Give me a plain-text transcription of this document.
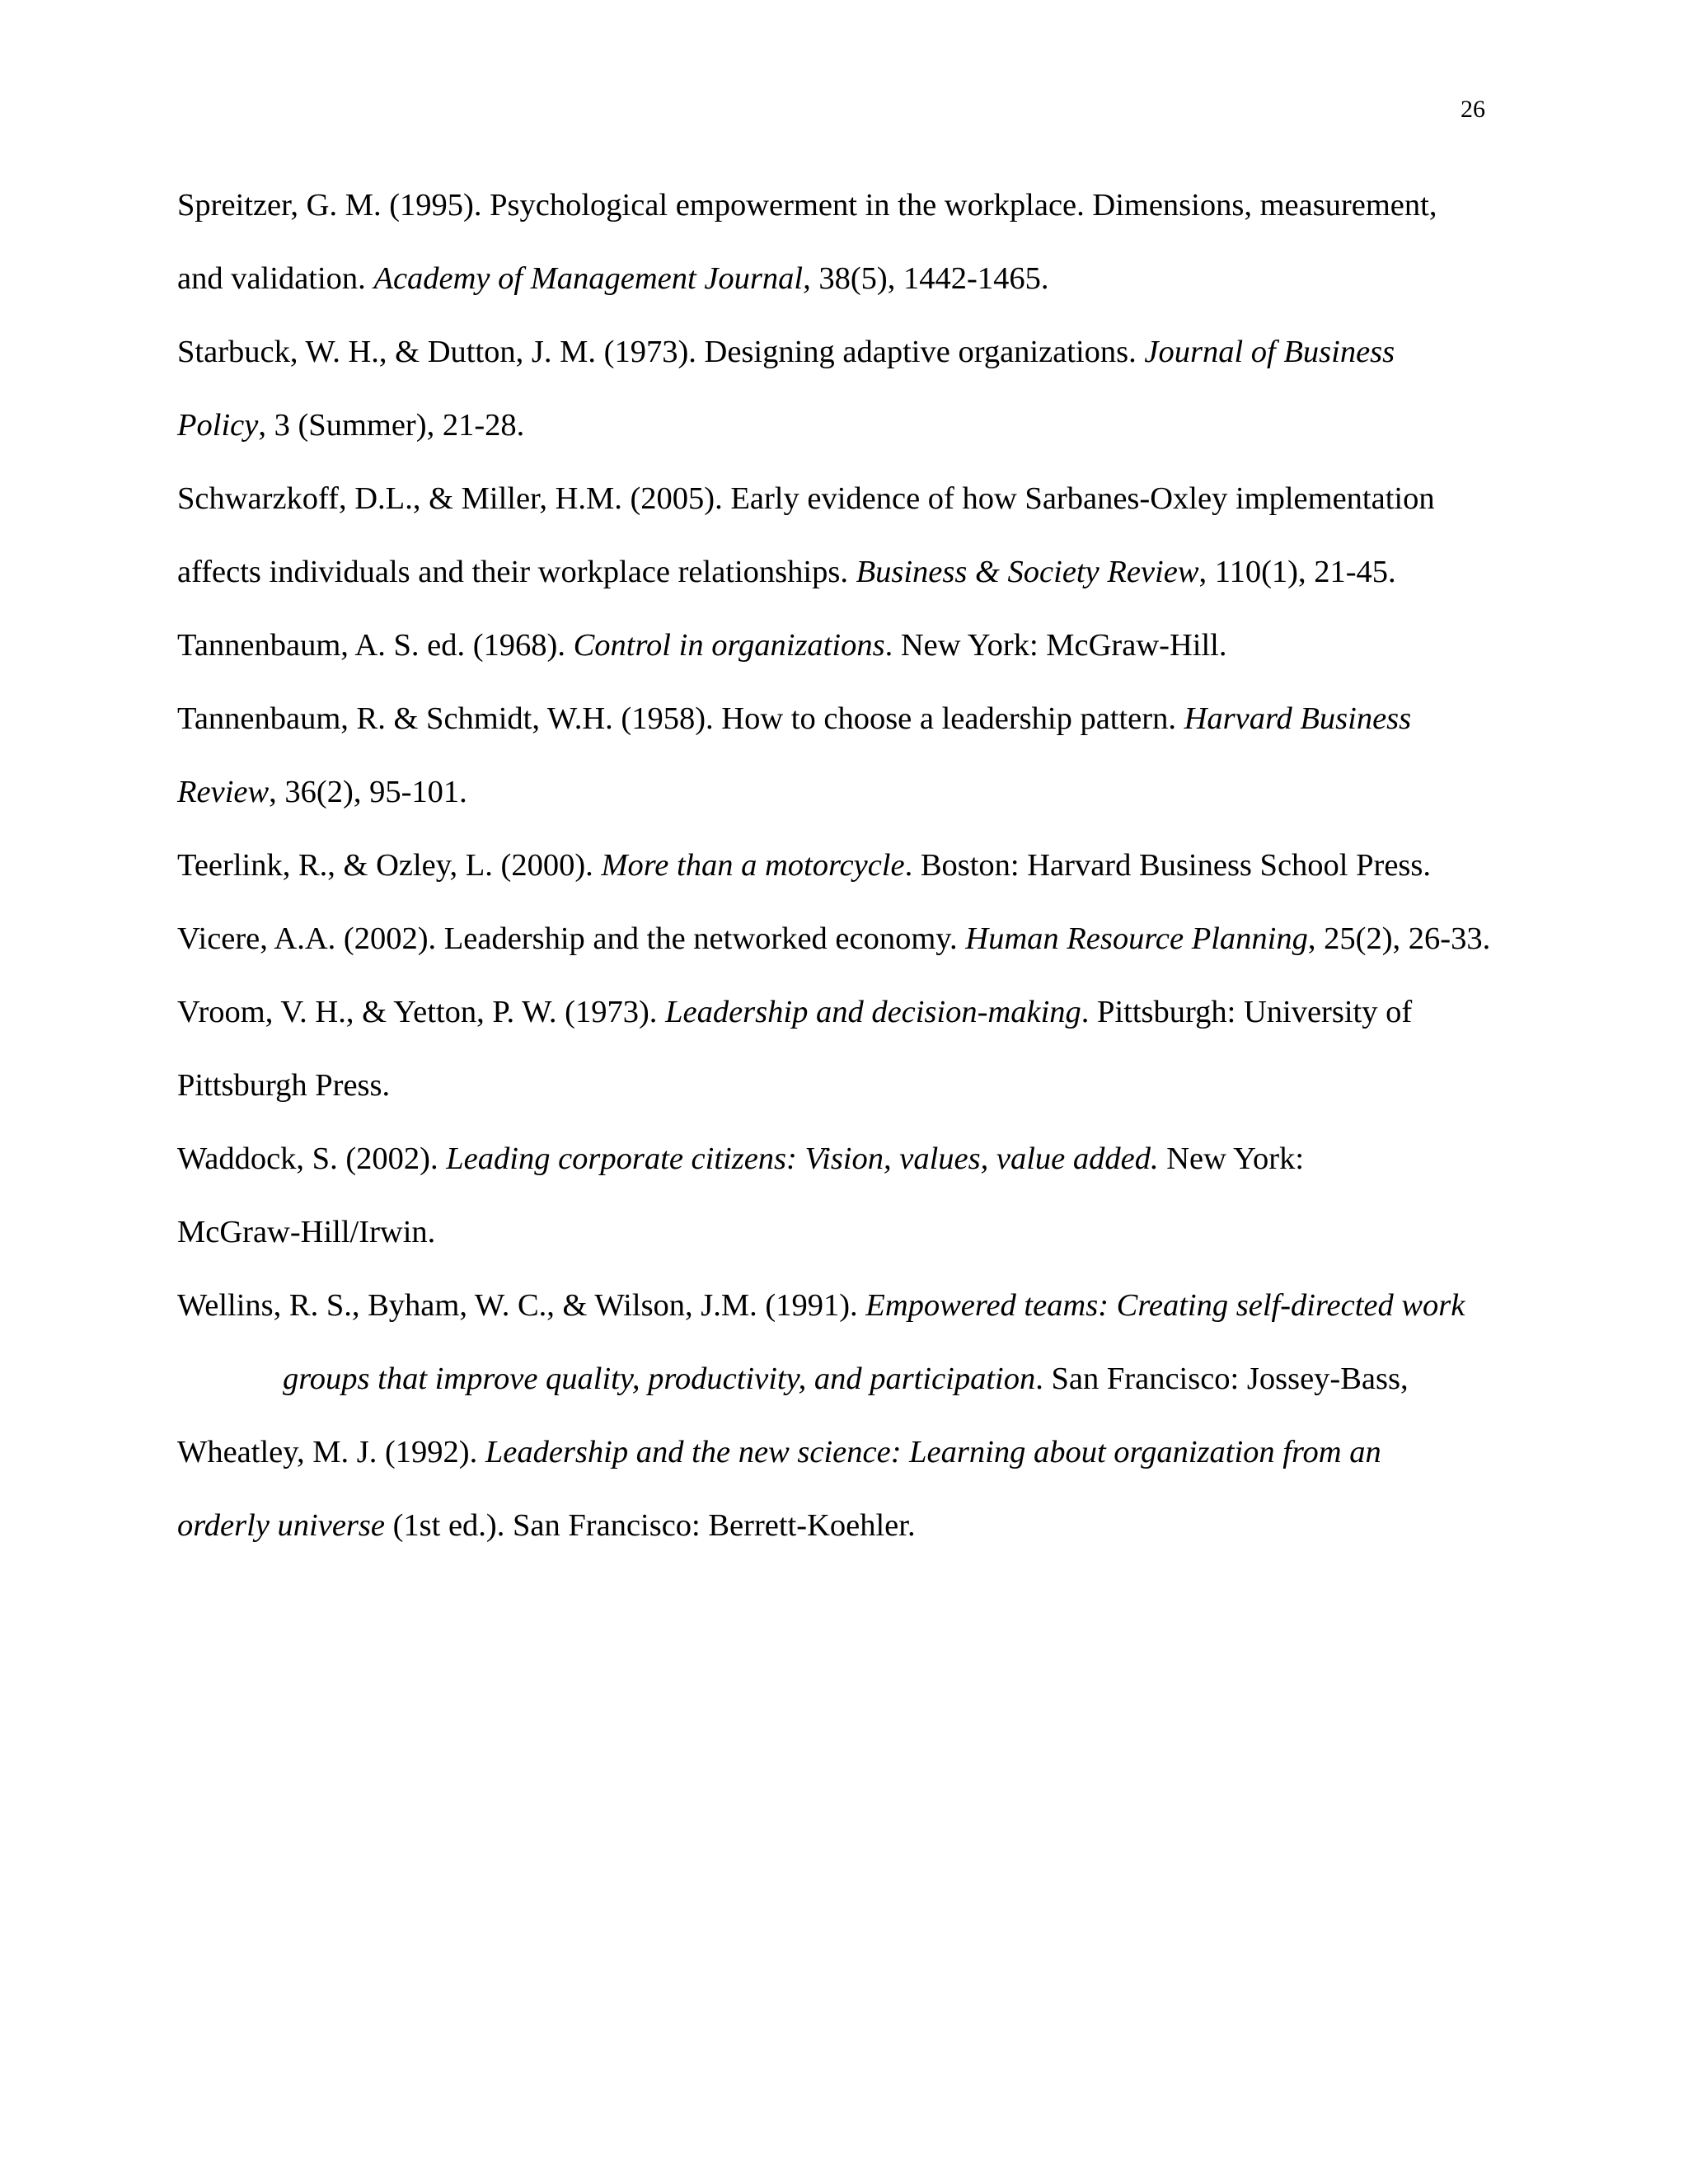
26

Spreitzer, G. M. (1995). Psychological empowerment in the workplace. Dimensions, measurement,
and validation. Academy of Management Journal, 38(5), 1442-1465.

Starbuck, W. H., & Dutton, J. M. (1973). Designing adaptive organizations. Journal of Business
Policy, 3 (Summer), 21-28.

Schwarzkoff, D.L., & Miller, H.M. (2005). Early evidence of how Sarbanes-Oxley implementation
affects individuals and their workplace relationships. Business & Society Review, 110(1), 21-45.

Tannenbaum, A. S. ed. (1968). Control in organizations. New York: McGraw-Hill.

Tannenbaum, R. & Schmidt, W.H. (1958). How to choose a leadership pattern. Harvard Business
Review, 36(2), 95-101.

Teerlink, R., & Ozley, L. (2000). More than a motorcycle. Boston: Harvard Business School Press.

Vicere, A.A. (2002). Leadership and the networked economy. Human Resource Planning, 25(2), 26-33.

Vroom, V. H., & Yetton, P. W. (1973). Leadership and decision-making. Pittsburgh: University of
Pittsburgh Press.

Waddock, S. (2002). Leading corporate citizens: Vision, values, value added. New York:
McGraw-Hill/Irwin.

Wellins, R. S., Byham, W. C., & Wilson, J.M. (1991). Empowered teams: Creating self-directed work
groups that improve quality, productivity, and participation. San Francisco: Jossey-Bass,

Wheatley, M. J. (1992). Leadership and the new science: Learning about organization from an
orderly universe (1st ed.). San Francisco: Berrett-Koehler.
